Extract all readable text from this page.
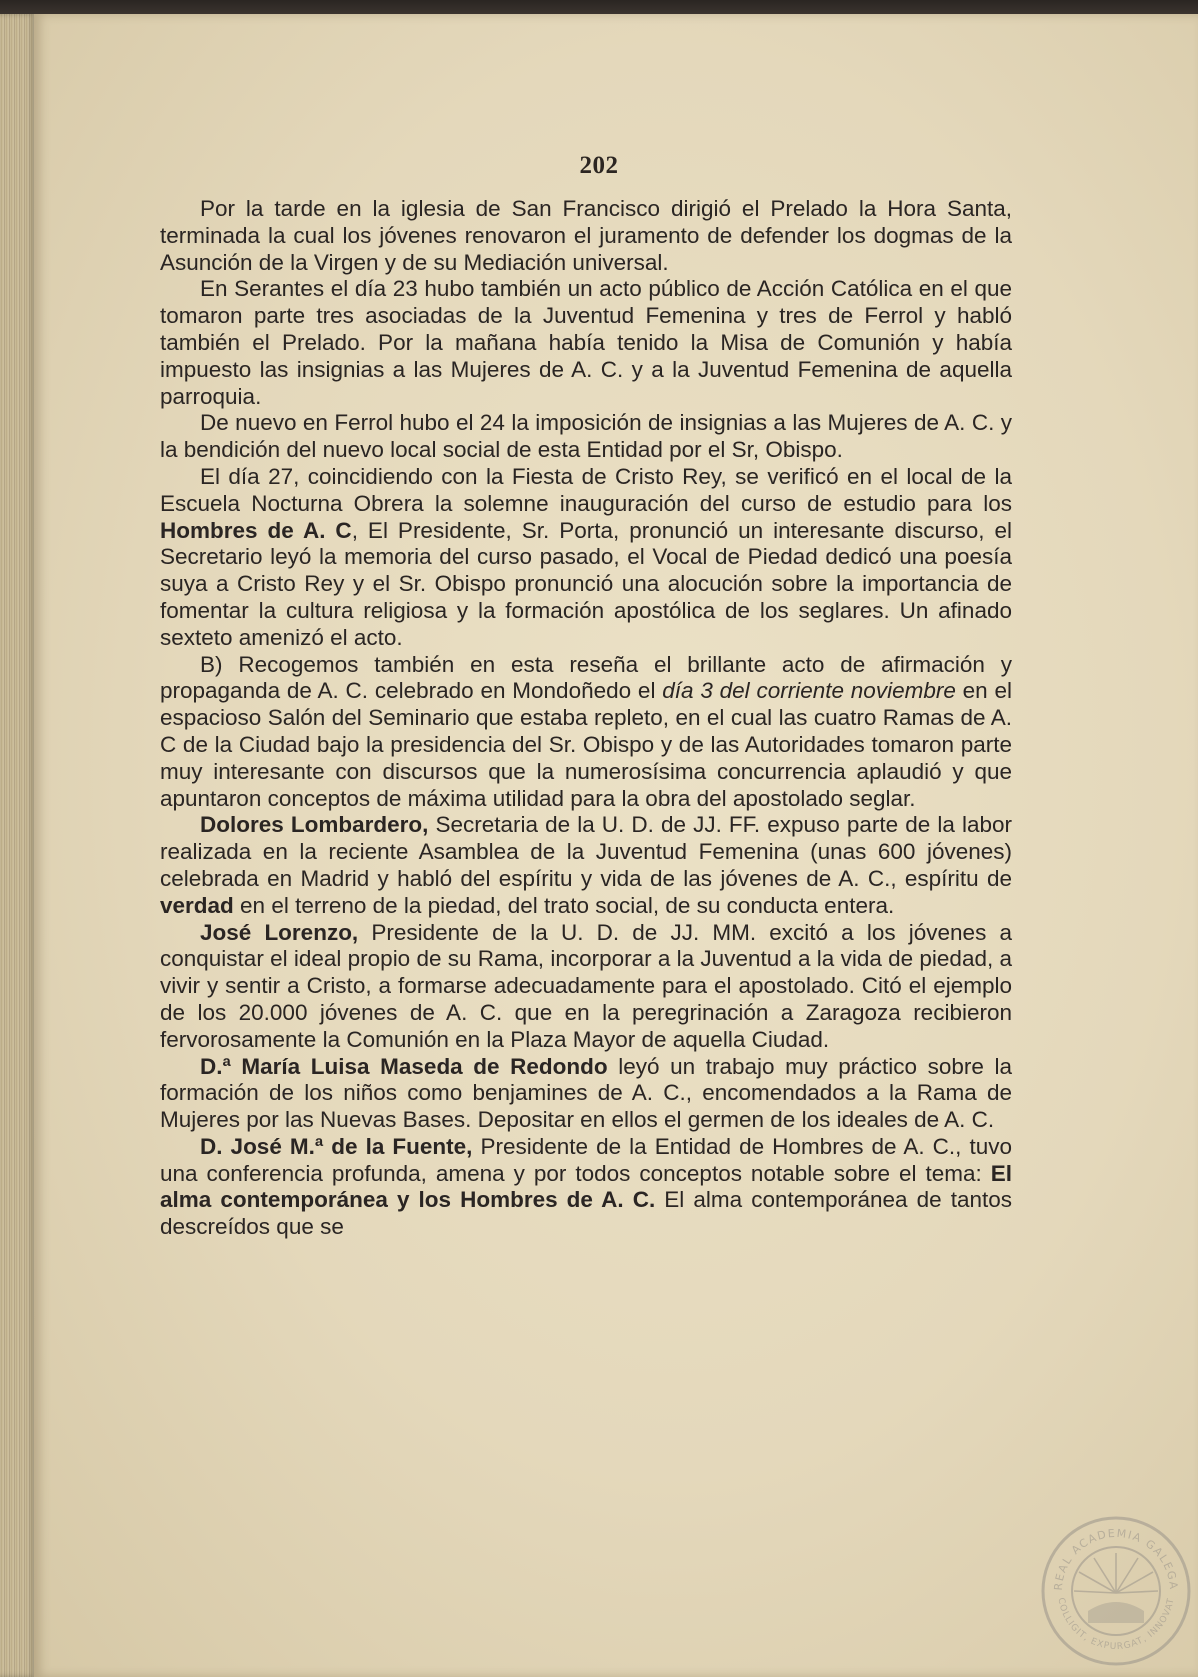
202

Por la tarde en la iglesia de San Francisco dirigió el Prelado la Hora Santa, terminada la cual los jóvenes renovaron el juramento de defender los dogmas de la Asunción de la Virgen y de su Mediación universal.

En Serantes el día 23 hubo también un acto público de Acción Católica en el que tomaron parte tres asociadas de la Juventud Femenina y tres de Ferrol y habló también el Prelado. Por la mañana había tenido la Misa de Comunión y había impuesto las insignias a las Mujeres de A. C. y a la Juventud Femenina de aquella parroquia.

De nuevo en Ferrol hubo el 24 la imposición de insignias a las Mujeres de A. C. y la bendición del nuevo local social de esta Entidad por el Sr, Obispo.

El día 27, coincidiendo con la Fiesta de Cristo Rey, se verificó en el local de la Escuela Nocturna Obrera la solemne inauguración del curso de estudio para los Hombres de A. C, El Presidente, Sr. Porta, pronunció un interesante discurso, el Secretario leyó la memoria del curso pasado, el Vocal de Piedad dedicó una poesía suya a Cristo Rey y el Sr. Obispo pronunció una alocución sobre la importancia de fomentar la cultura religiosa y la formación apostólica de los seglares. Un afinado sexteto amenizó el acto.

B) Recogemos también en esta reseña el brillante acto de afirmación y propaganda de A. C. celebrado en Mondoñedo el día 3 del corriente noviembre en el espacioso Salón del Seminario que estaba repleto, en el cual las cuatro Ramas de A. C de la Ciudad bajo la presidencia del Sr. Obispo y de las Autoridades tomaron parte muy interesante con discursos que la numerosísima concurrencia aplaudió y que apuntaron conceptos de máxima utilidad para la obra del apostolado seglar.

Dolores Lombardero, Secretaria de la U. D. de JJ. FF. expuso parte de la labor realizada en la reciente Asamblea de la Juventud Femenina (unas 600 jóvenes) celebrada en Madrid y habló del espíritu y vida de las jóvenes de A. C., espíritu de verdad en el terreno de la piedad, del trato social, de su conducta entera.

José Lorenzo, Presidente de la U. D. de JJ. MM. excitó a los jóvenes a conquistar el ideal propio de su Rama, incorporar a la Juventud a la vida de piedad, a vivir y sentir a Cristo, a formarse adecuadamente para el apostolado. Citó el ejemplo de los 20.000 jóvenes de A. C. que en la peregrinación a Zaragoza recibieron fervorosamente la Comunión en la Plaza Mayor de aquella Ciudad.

D.ª María Luisa Maseda de Redondo leyó un trabajo muy práctico sobre la formación de los niños como benjamines de A. C., encomendados a la Rama de Mujeres por las Nuevas Bases. Depositar en ellos el germen de los ideales de A. C.

D. José M.ª de la Fuente, Presidente de la Entidad de Hombres de A. C., tuvo una conferencia profunda, amena y por todos conceptos notable sobre el tema: El alma contemporánea y los Hombres de A. C. El alma contemporánea de tantos descreídos que se

REAL ACADEMIA GALEGA
COLLIGIT, EXPURGAT, INNOVAT
